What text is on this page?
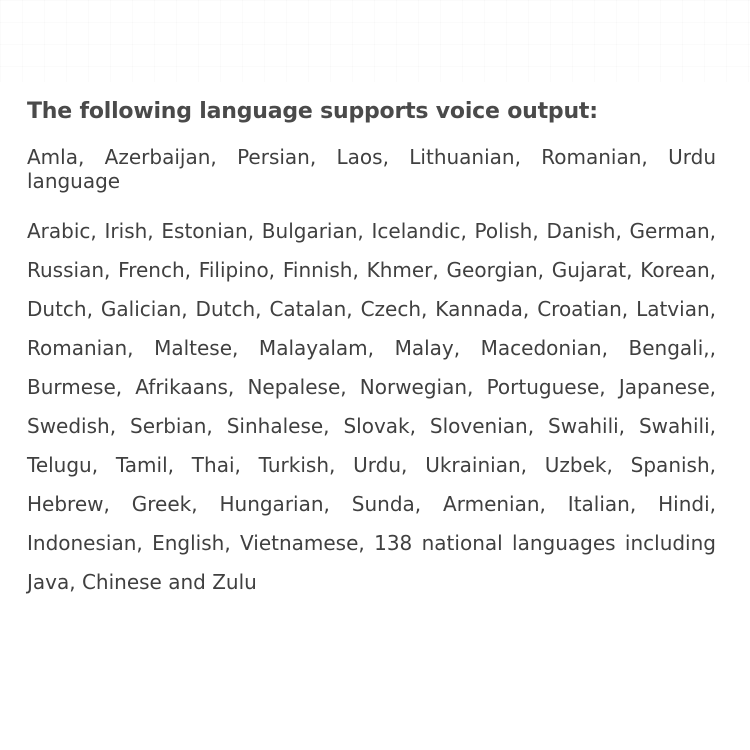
The following language supports voice output:

Amla, Azerbaijan, Persian, Laos, Lithuanian, Romanian, Urdu language

Arabic, Irish, Estonian, Bulgarian, Icelandic, Polish, Danish, German, Russian, French, Filipino, Finnish, Khmer, Georgian, Gujarat, Korean, Dutch, Galician, Dutch, Catalan, Czech, Kannada, Croatian, Latvian, Romanian, Maltese, Malayalam, Malay, Macedonian, Bengali,, Burmese, Afrikaans, Nepalese, Norwegian, Portuguese, Japanese, Swedish, Serbian, Sinhalese, Slovak, Slovenian, Swahili, Swahili, Telugu, Tamil, Thai, Turkish, Urdu, Ukrainian, Uzbek, Spanish, Hebrew, Greek, Hungarian, Sunda, Armenian, Italian, Hindi, Indonesian, English, Vietnamese, 138 national languages including Java, Chinese and Zulu
